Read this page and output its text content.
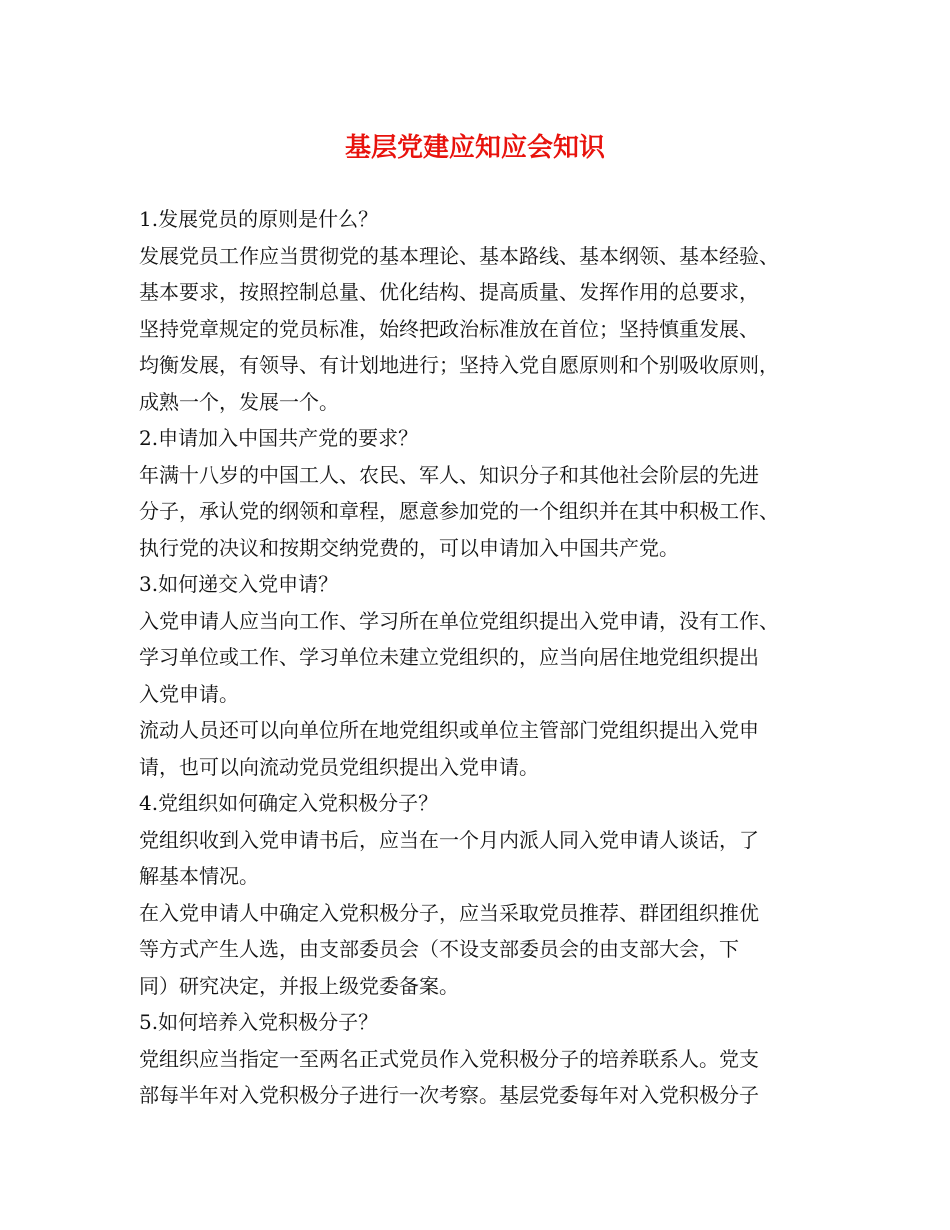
基层党建应知应会知识
1.发展党员的原则是什么？
发展党员工作应当贯彻党的基本理论、基本路线、基本纲领、基本经验、
基本要求，按照控制总量、优化结构、提高质量、发挥作用的总要求，
坚持党章规定的党员标准，始终把政治标准放在首位；坚持慎重发展、
均衡发展，有领导、有计划地进行；坚持入党自愿原则和个别吸收原则，
成熟一个，发展一个。
2.申请加入中国共产党的要求？
年满十八岁的中国工人、农民、军人、知识分子和其他社会阶层的先进
分子，承认党的纲领和章程，愿意参加党的一个组织并在其中积极工作、
执行党的决议和按期交纳党费的，可以申请加入中国共产党。
3.如何递交入党申请？
入党申请人应当向工作、学习所在单位党组织提出入党申请，没有工作、
学习单位或工作、学习单位未建立党组织的，应当向居住地党组织提出
入党申请。
流动人员还可以向单位所在地党组织或单位主管部门党组织提出入党申
请，也可以向流动党员党组织提出入党申请。
4.党组织如何确定入党积极分子？
党组织收到入党申请书后，应当在一个月内派人同入党申请人谈话，了
解基本情况。
在入党申请人中确定入党积极分子，应当采取党员推荐、群团组织推优
等方式产生人选，由支部委员会（不设支部委员会的由支部大会，下
同）研究决定，并报上级党委备案。
5.如何培养入党积极分子？
党组织应当指定一至两名正式党员作入党积极分子的培养联系人。党支
部每半年对入党积极分子进行一次考察。基层党委每年对入党积极分子
